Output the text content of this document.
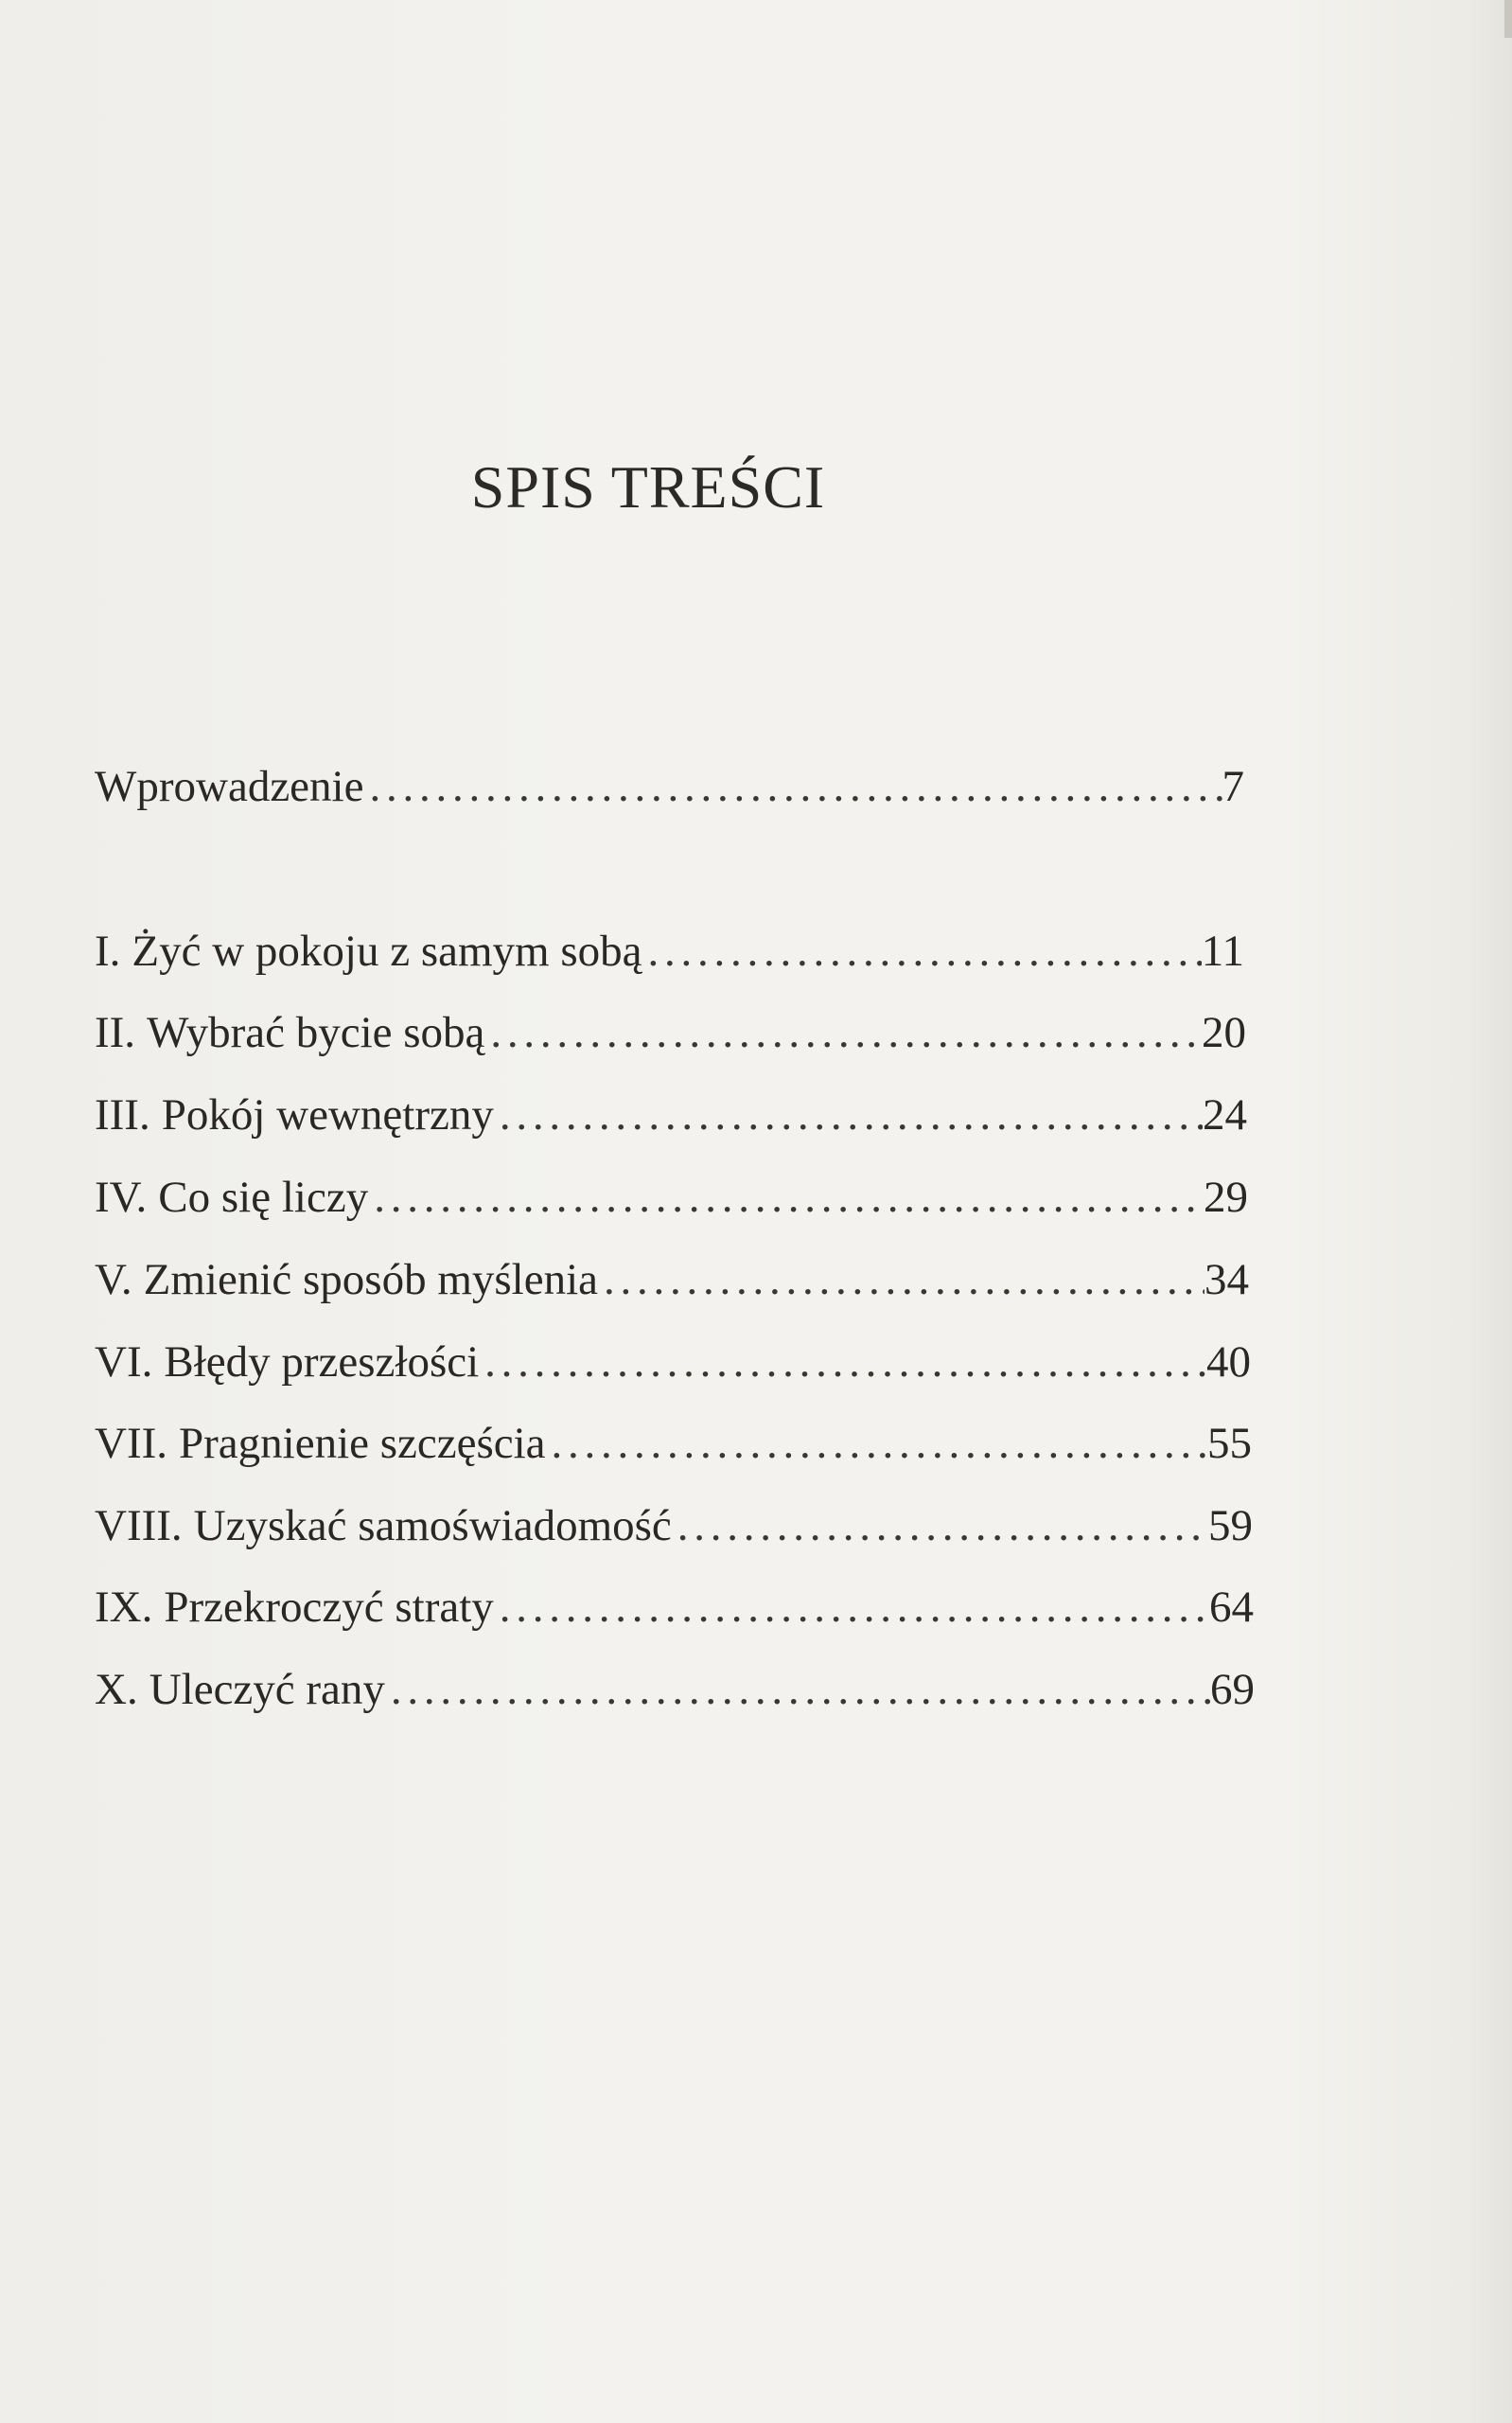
SPIS TREŚCI
Wprowadzenie . . .	7
I. Żyć w pokoju z samym sobą . . .	11
II. Wybrać bycie sobą . . .	20
III. Pokój wewnętrzny . . .	24
IV. Co się liczy . . .	29
V. Zmienić sposób myślenia . . .	34
VI. Błędy przeszłości . . .	40
VII. Pragnienie szczęścia . . .	55
VIII. Uzyskać samoświadomość . . .	59
IX. Przekroczyć straty . . .	64
X. Uleczyć rany . . .	69
